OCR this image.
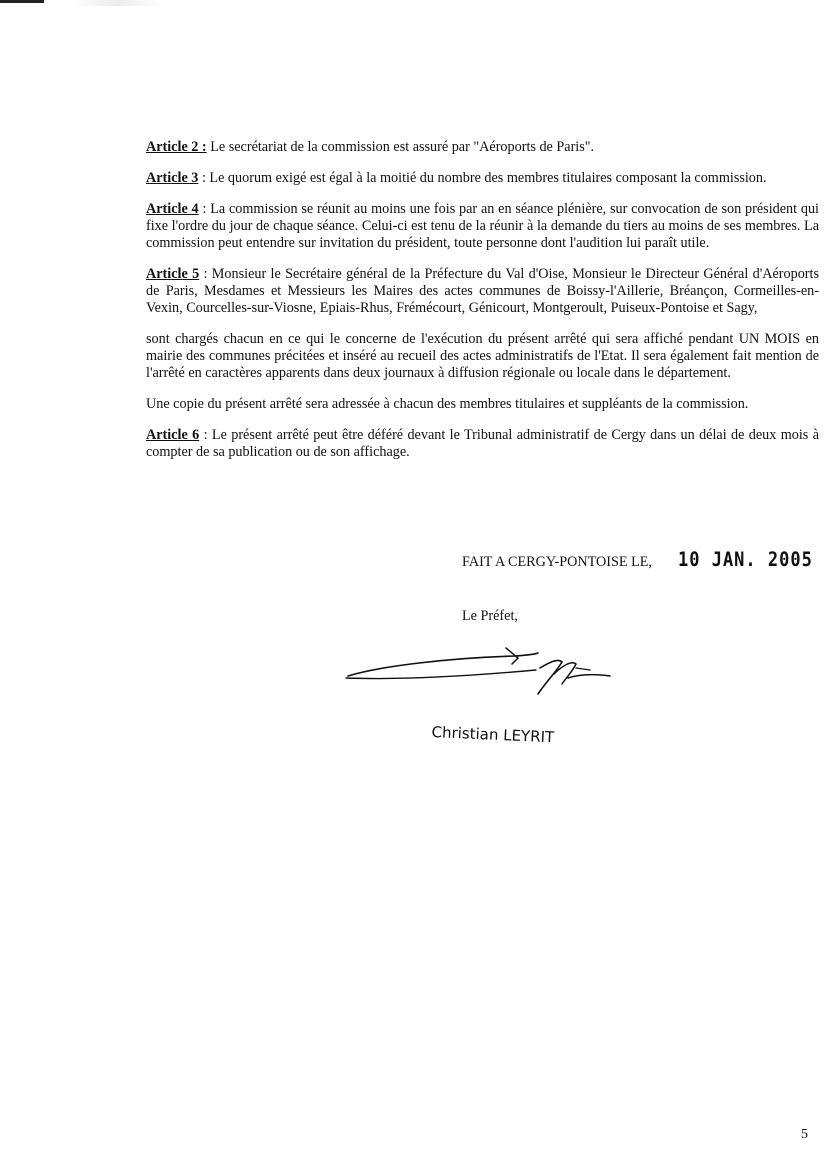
Article 2 : Le secrétariat de la commission est assuré par "Aéroports de Paris".

Article 3 : Le quorum exigé est égal à la moitié du nombre des membres titulaires composant la commission.

Article 4 : La commission se réunit au moins une fois par an en séance plénière, sur convocation de son président qui fixe l'ordre du jour de chaque séance. Celui-ci est tenu de la réunir à la demande du tiers au moins de ses membres. La commission peut entendre sur invitation du président, toute personne dont l'audition lui paraît utile.

Article 5 : Monsieur le Secrétaire général de la Préfecture du Val d'Oise, Monsieur le Directeur Général d'Aéroports de Paris, Mesdames et Messieurs les Maires des actes communes de Boissy-l'Aillerie, Bréançon, Cormeilles-en-Vexin, Courcelles-sur-Viosne, Epiais-Rhus, Frémécourt, Génicourt, Montgeroult, Puiseux-Pontoise et Sagy,

sont chargés chacun en ce qui le concerne de l'exécution du présent arrêté qui sera affiché pendant UN MOIS en mairie des communes précitées et inséré au recueil des actes administratifs de l'Etat. Il sera également fait mention de l'arrêté en caractères apparents dans deux journaux à diffusion régionale ou locale dans le département.

Une copie du présent arrêté sera adressée à chacun des membres titulaires et suppléants de la commission.

Article 6 : Le présent arrêté peut être déféré devant le Tribunal administratif de Cergy dans un délai de deux mois à compter de sa publication ou de son affichage.

FAIT A CERGY-PONTOISE LE, 10 JAN. 2005
Le Préfet,
Christian LEYRIT
5
